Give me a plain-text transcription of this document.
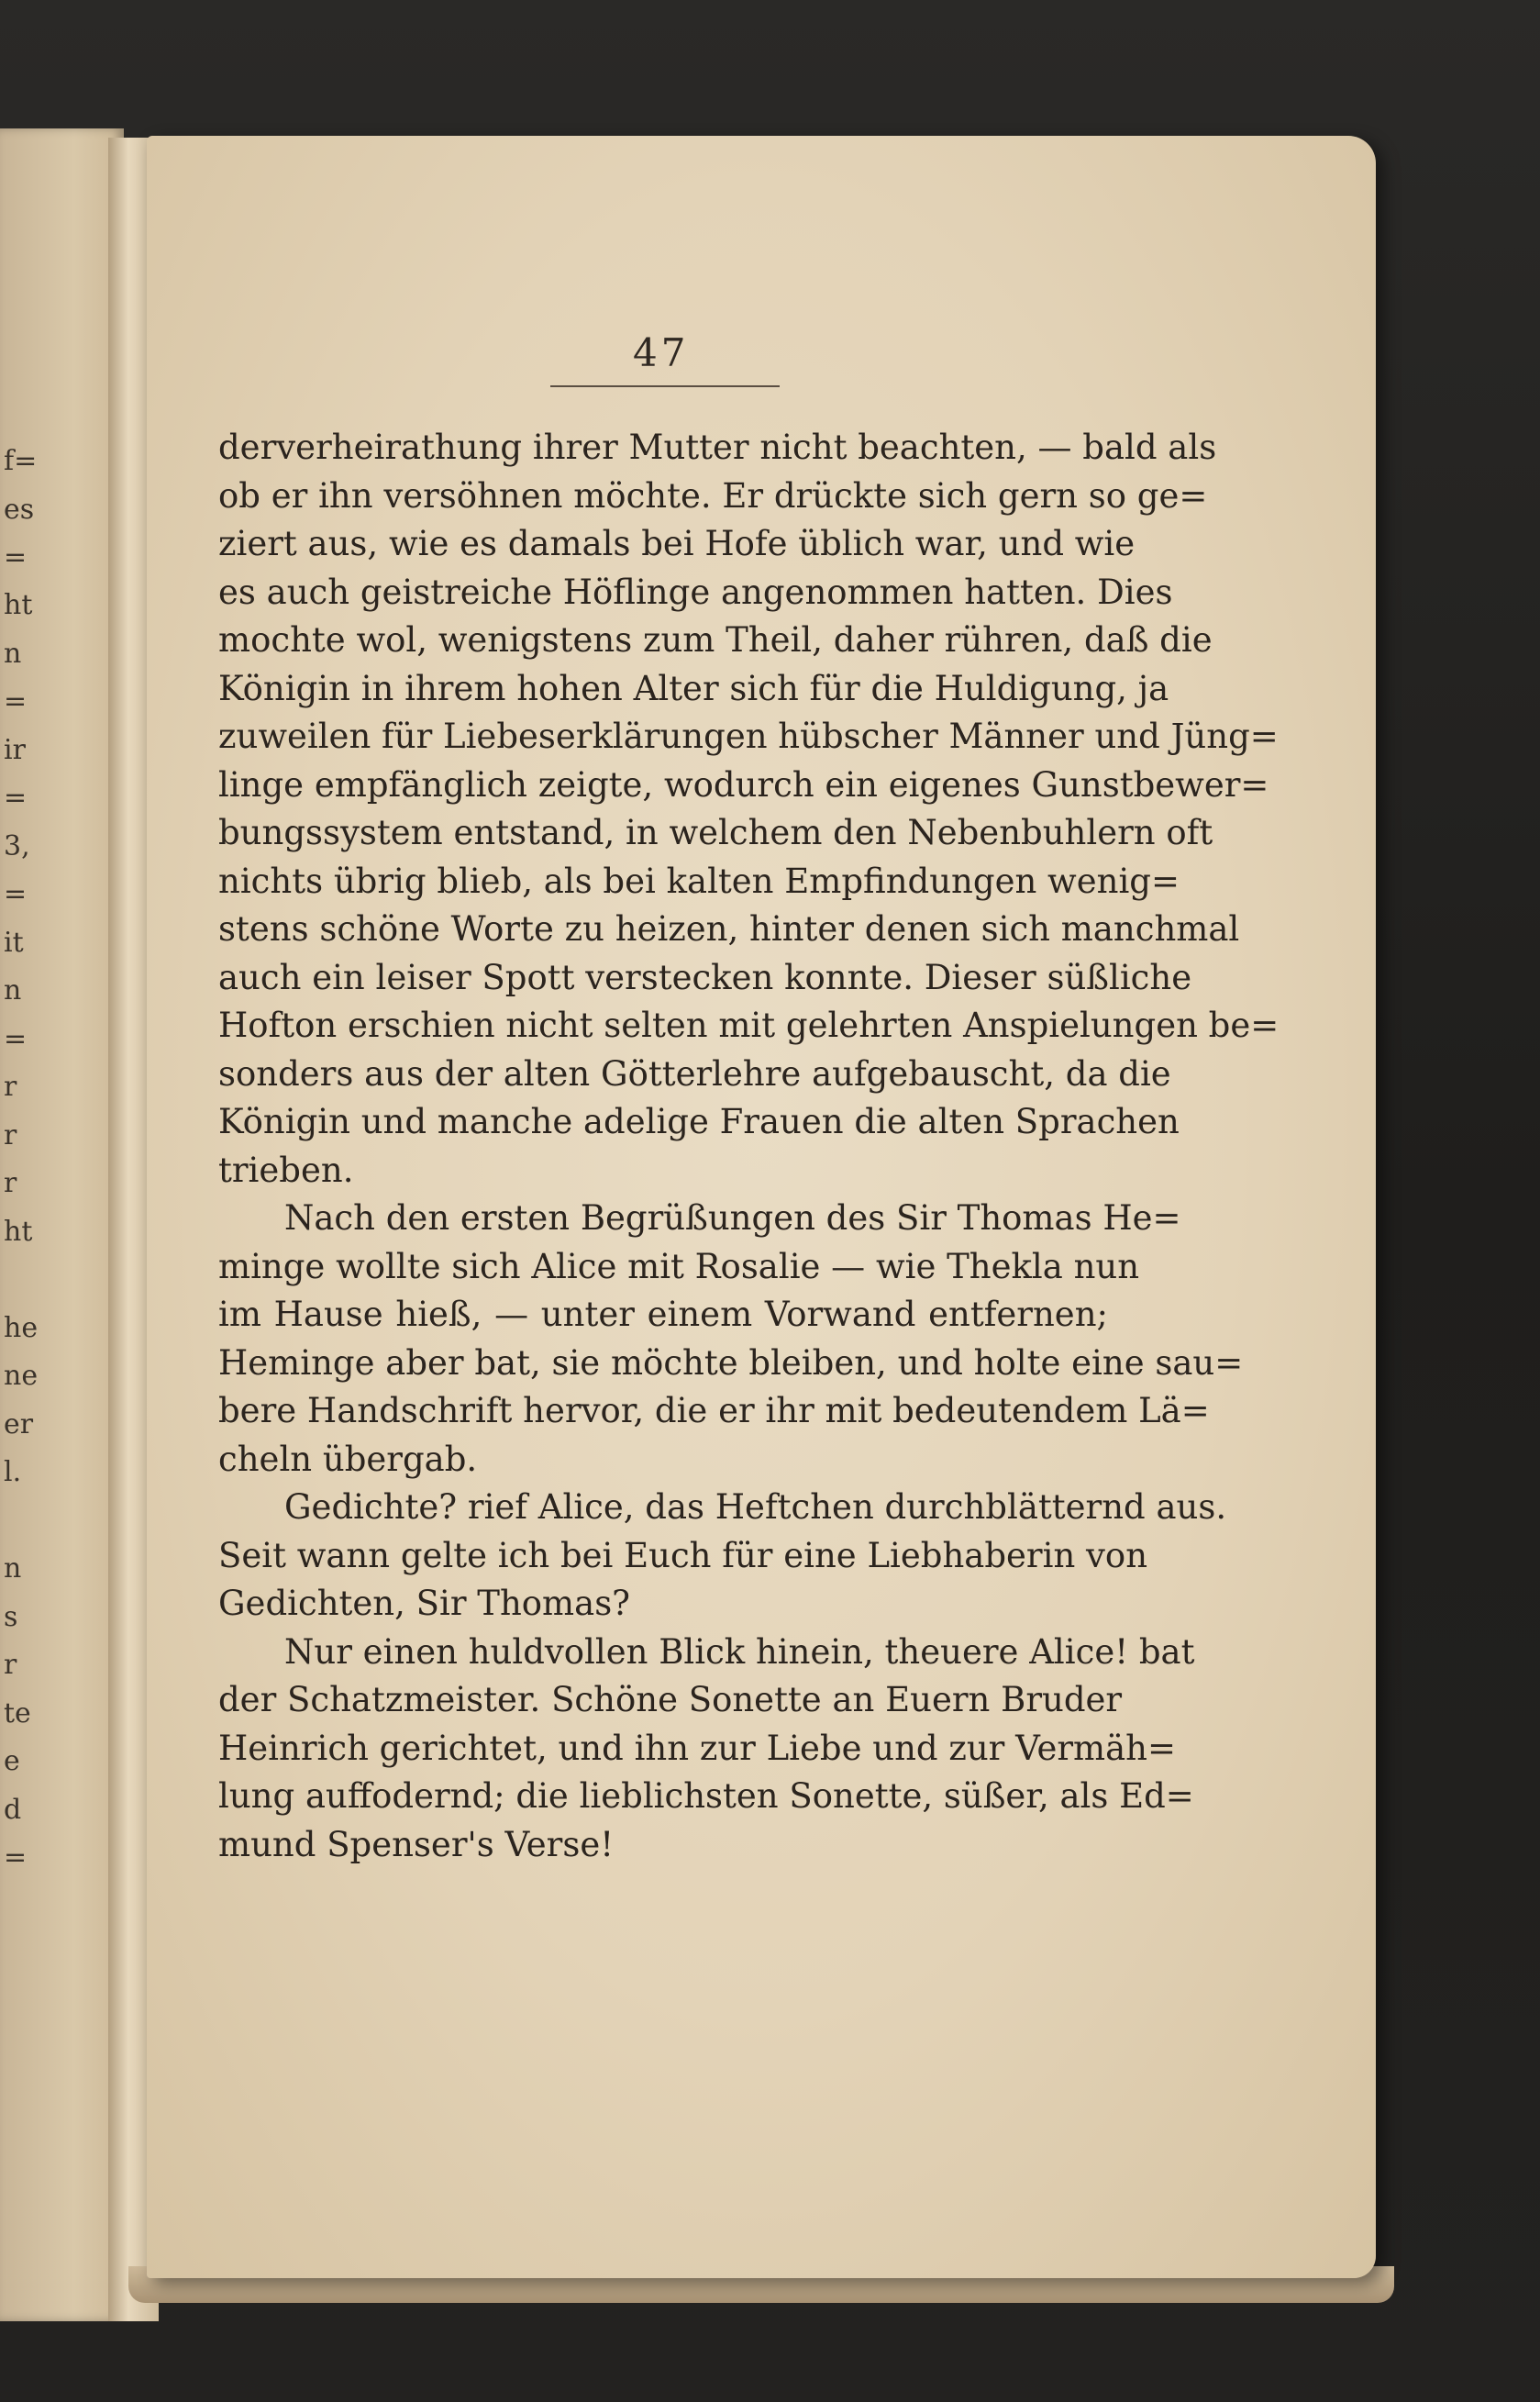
f=
es
=
ht
n
=
ir
=
3,
=
it
n
=
r
r
r
ht
he
ne
er
l.
n
s
r
te
e
d
=
47
derverheirathung ihrer Mutter nicht beachten, — bald als
ob er ihn versöhnen möchte. Er drückte sich gern so ge=
ziert aus, wie es damals bei Hofe üblich war, und wie
es auch geistreiche Höflinge angenommen hatten. Dies
mochte wol, wenigstens zum Theil, daher rühren, daß die
Königin in ihrem hohen Alter sich für die Huldigung, ja
zuweilen für Liebeserklärungen hübscher Männer und Jüng=
linge empfänglich zeigte, wodurch ein eigenes Gunstbewer=
bungssystem entstand, in welchem den Nebenbuhlern oft
nichts übrig blieb, als bei kalten Empfindungen wenig=
stens schöne Worte zu heizen, hinter denen sich manchmal
auch ein leiser Spott verstecken konnte. Dieser süßliche
Hofton erschien nicht selten mit gelehrten Anspielungen be=
sonders aus der alten Götterlehre aufgebauscht, da die
Königin und manche adelige Frauen die alten Sprachen
trieben.
Nach den ersten Begrüßungen des Sir Thomas He=
minge wollte sich Alice mit Rosalie — wie Thekla nun
im Hause hieß, — unter einem Vorwand entfernen;
Heminge aber bat, sie möchte bleiben, und holte eine sau=
bere Handschrift hervor, die er ihr mit bedeutendem Lä=
cheln übergab.
Gedichte? rief Alice, das Heftchen durchblätternd aus.
Seit wann gelte ich bei Euch für eine Liebhaberin von
Gedichten, Sir Thomas?
Nur einen huldvollen Blick hinein, theuere Alice! bat
der Schatzmeister. Schöne Sonette an Euern Bruder
Heinrich gerichtet, und ihn zur Liebe und zur Vermäh=
lung auffodernd; die lieblichsten Sonette, süßer, als Ed=
mund Spenser's Verse!
